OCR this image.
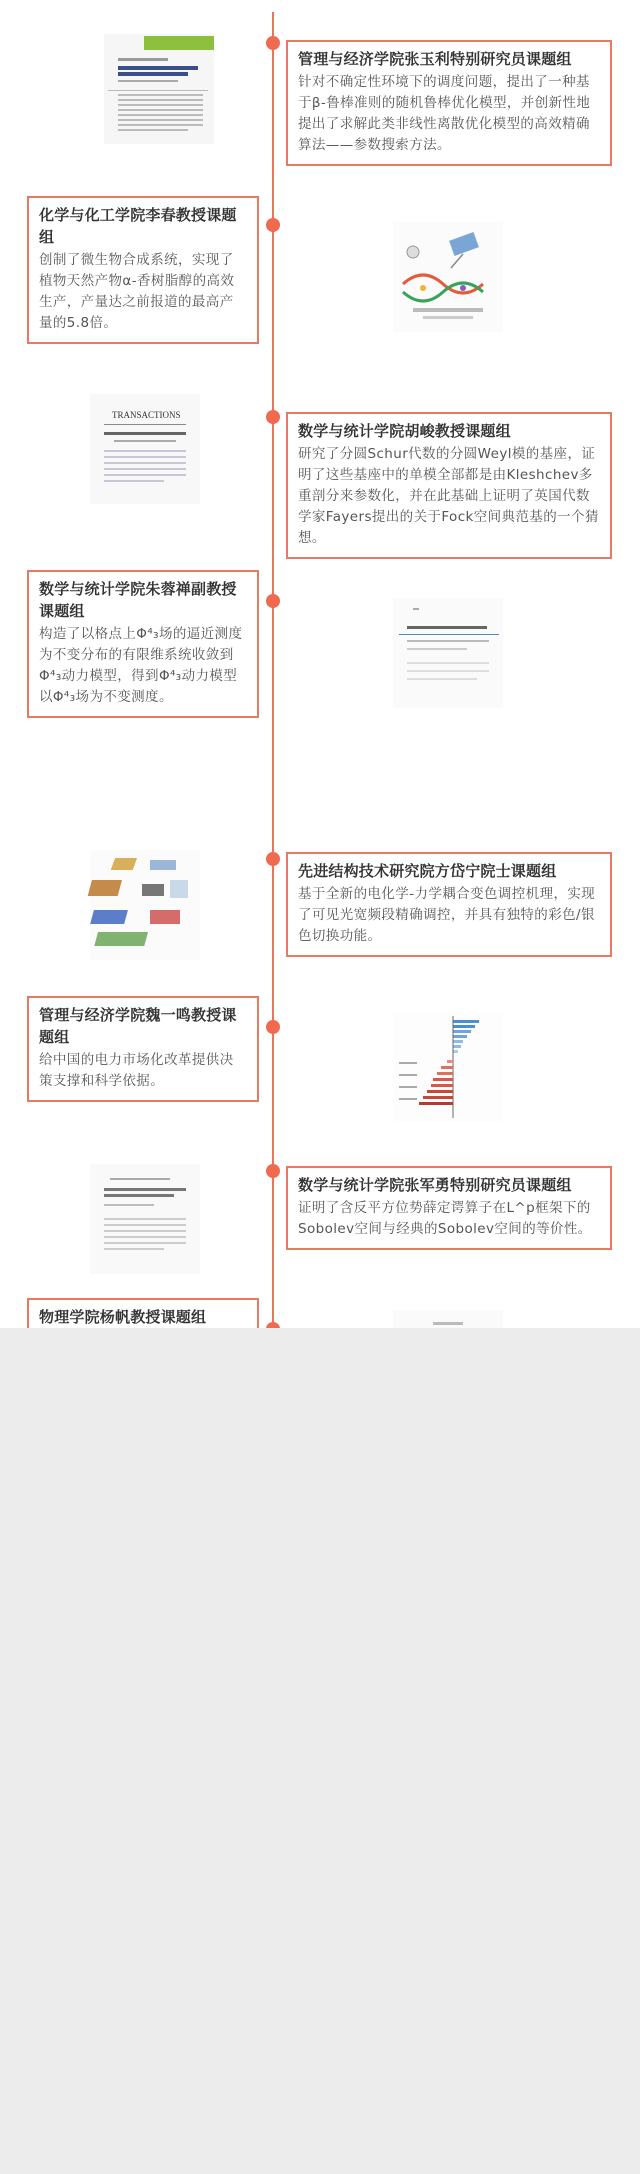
管理与经济学院张玉利特别研究员课题组
针对不确定性环境下的调度问题，提出了一种基于β-鲁棒准则的随机鲁棒优化模型，并创新性地提出了求解此类非线性离散优化模型的高效精确算法——参数搜索方法。
化学与化工学院李春教授课题组
创制了微生物合成系统，实现了植物天然产物α-香树脂醇的高效生产，产量达之前报道的最高产量的5.8倍。
TRANSACTIONS
数学与统计学院胡峻教授课题组
研究了分圆Schur代数的分圆Weyl模的基座，证明了这些基座中的单模全部都是由Kleshchev多重剖分来参数化，并在此基础上证明了英国代数学家Fayers提出的关于Fock空间典范基的一个猜想。
数学与统计学院朱蓉禅副教授课题组
构造了以格点上Φ⁴₃场的逼近测度为不变分布的有限维系统收敛到Φ⁴₃动力模型，得到Φ⁴₃动力模型以Φ⁴₃场为不变测度。
先进结构技术研究院方岱宁院士课题组
基于全新的电化学-力学耦合变色调控机理，实现了可见光宽频段精确调控，并具有独特的彩色/银色切换功能。
管理与经济学院魏一鸣教授课题组
给中国的电力市场化改革提供决策支撑和科学依据。
数学与统计学院张军勇特别研究员课题组
证明了含反平方位势薛定谔算子在L^p框架下的Sobolev空间与经典的Sobolev空间的等价性。
物理学院杨帆教授课题组
